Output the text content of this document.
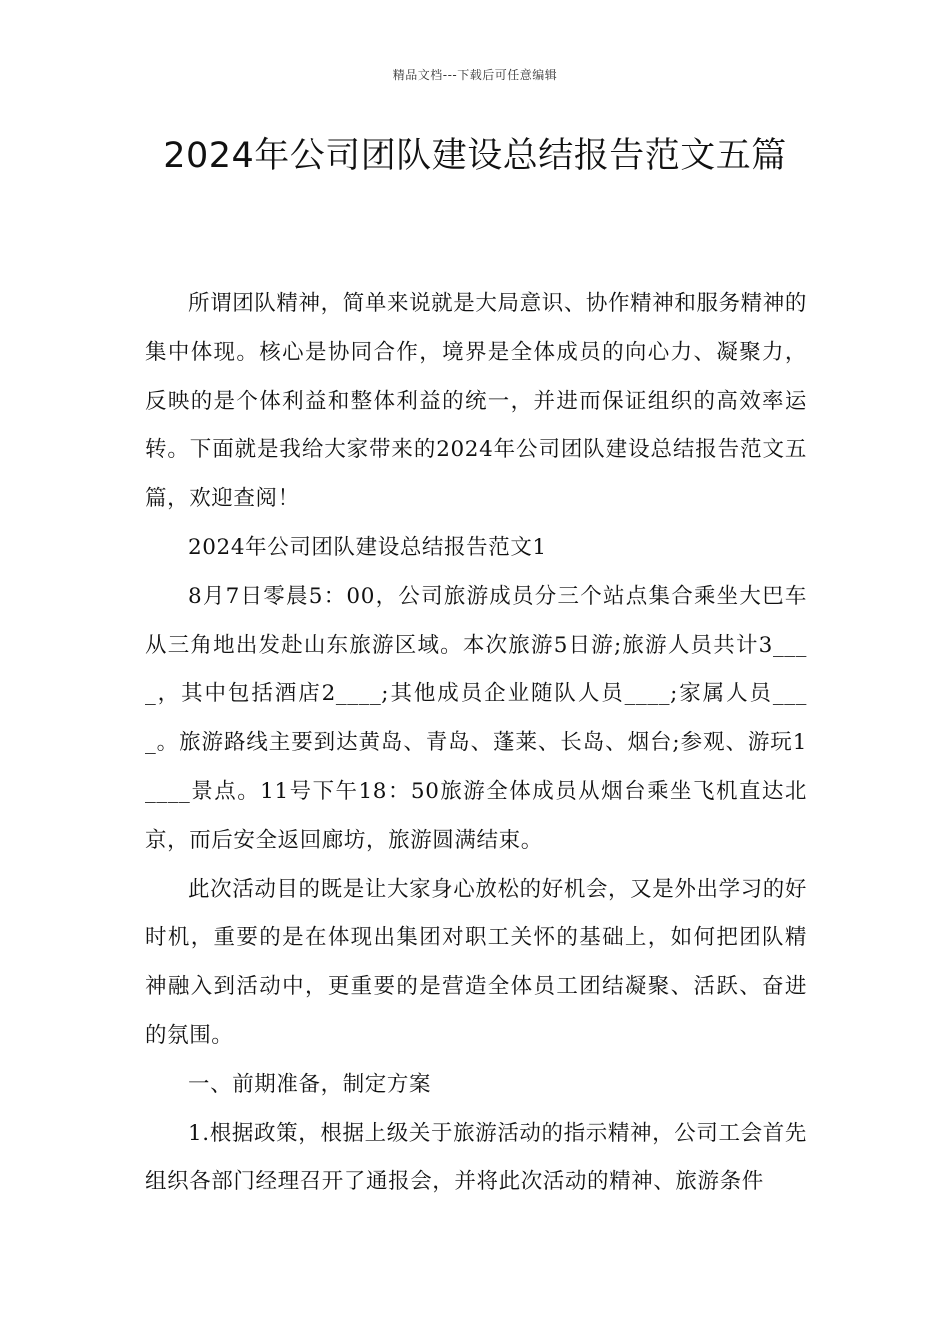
精品文档---下载后可任意编辑
2024年公司团队建设总结报告范文五篇

所谓团队精神，简单来说就是大局意识、协作精神和服务精神的集中体现。核心是协同合作，境界是全体成员的向心力、凝聚力，反映的是个体利益和整体利益的统一，并进而保证组织的高效率运转。下面就是我给大家带来的2024年公司团队建设总结报告范文五篇，欢迎查阅！

2024年公司团队建设总结报告范文1

8月7日零晨5：00，公司旅游成员分三个站点集合乘坐大巴车从三角地出发赴山东旅游区域。本次旅游5日游;旅游人员共计3____，其中包括酒店2____;其他成员企业随队人员____;家属人员____。旅游路线主要到达黄岛、青岛、蓬莱、长岛、烟台;参观、游玩1____景点。11号下午18：50旅游全体成员从烟台乘坐飞机直达北京，而后安全返回廊坊，旅游圆满结束。

此次活动目的既是让大家身心放松的好机会，又是外出学习的好时机，重要的是在体现出集团对职工关怀的基础上，如何把团队精神融入到活动中，更重要的是营造全体员工团结凝聚、活跃、奋进的氛围。

一、前期准备，制定方案

1.根据政策，根据上级关于旅游活动的指示精神，公司工会首先组织各部门经理召开了通报会，并将此次活动的精神、旅游条件
